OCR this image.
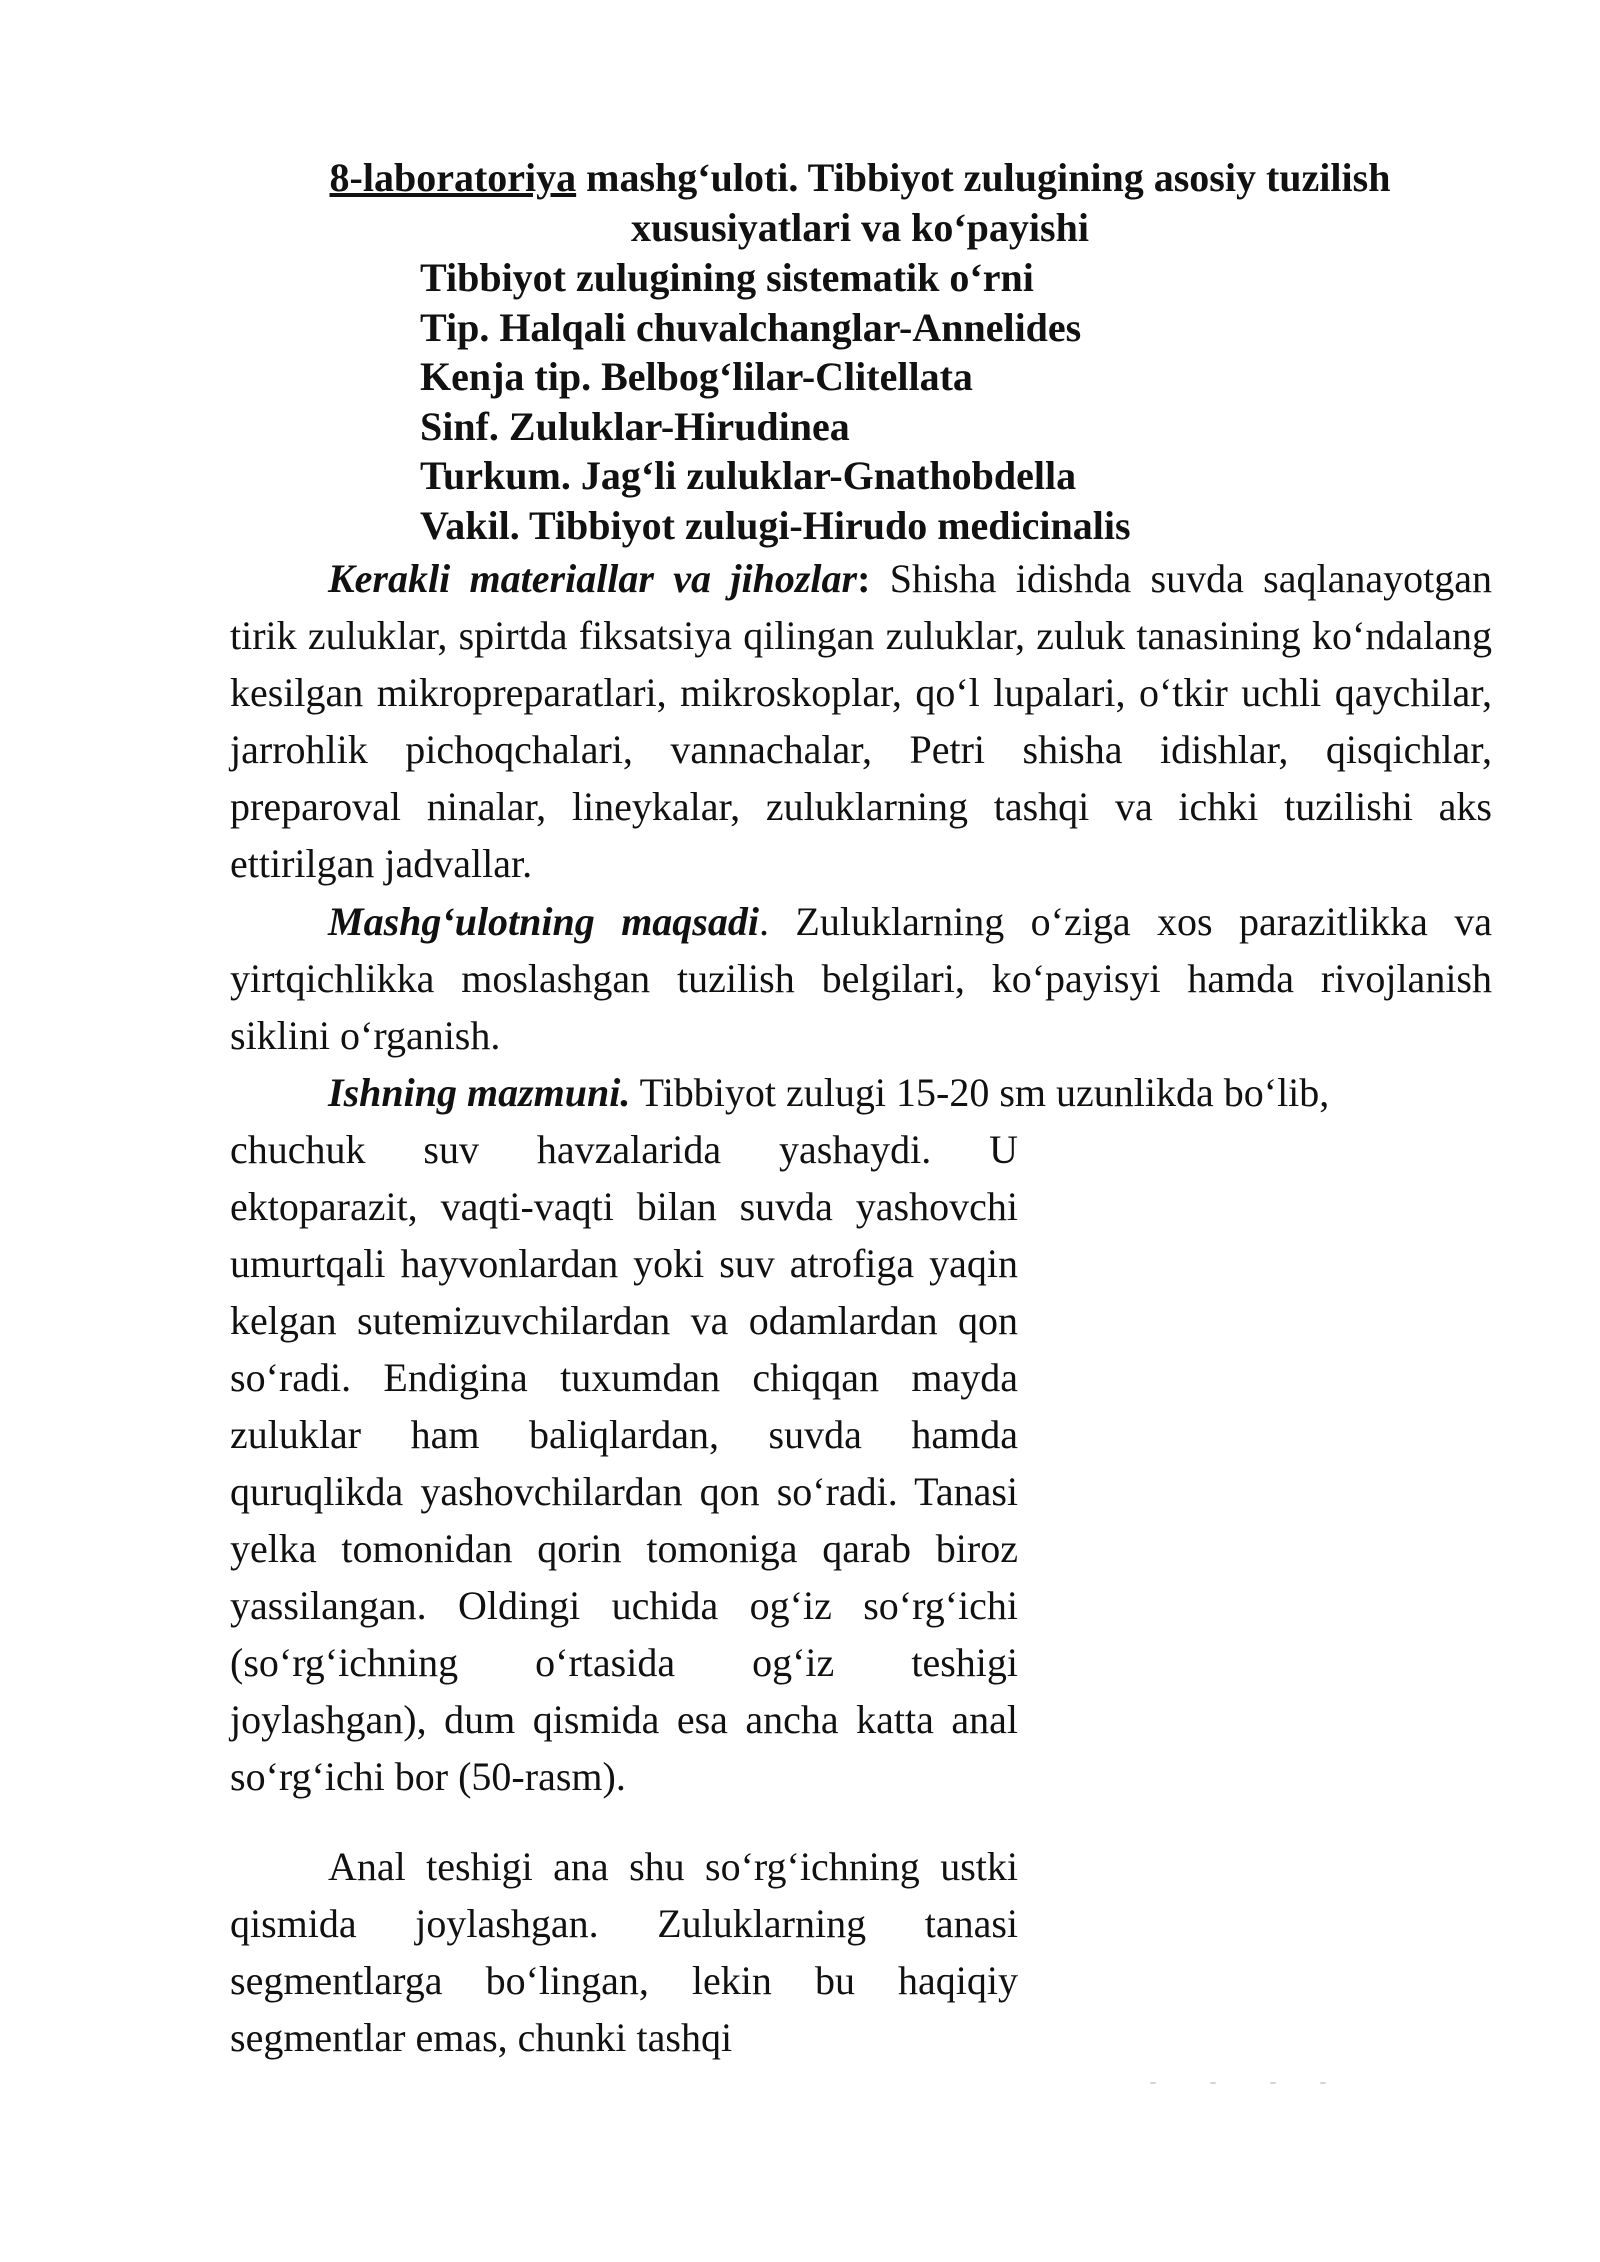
8-laboratoriya mashg‘uloti. Tibbiyot zulugining asosiy tuzilish xususiyatlari va ko‘payishi

Tibbiyot zulugining sistematik o‘rni
Tip. Halqali chuvalchanglar-Annelides
Kenja tip. Belbog‘lilar-Clitellata
Sinf. Zuluklar-Hirudinea
Turkum. Jag‘li zuluklar-Gnathobdella
Vakil. Tibbiyot zulugi-Hirudo medicinalis

Kerakli materiallar va jihozlar: Shisha idishda suvda saqlanayotgan tirik zuluklar, spirtda fiksatsiya qilingan zuluklar, zuluk tanasining ko‘ndalang kesilgan mikropreparatlari, mikroskoplar, qo‘l lupalari, o‘tkir uchli qaychilar, jarrohlik pichoqchalari, vannachalar, Petri shisha idishlar, qisqichlar, preparoval ninalar, lineykalar, zuluklarning tashqi va ichki tuzilishi aks ettirilgan jadvallar.

Mashg‘ulotning maqsadi. Zuluklarning o‘ziga xos parazitlikka va yirtqichlikka moslashgan tuzilish belgilari, ko‘payisyi hamda rivojlanish siklini o‘rganish.

Ishning mazmuni. Tibbiyot zulugi 15-20 sm uzunlikda bo‘lib,

chuchuk suv havzalarida yashaydi. U ektoparazit, vaqti-vaqti bilan suvda yashovchi umurtqali hayvonlardan yoki suv atrofiga yaqin kelgan sutemizuvchilardan va odamlardan qon so‘radi. Endigina tuxumdan chiqqan mayda zuluklar ham baliqlardan, suvda hamda quruqlikda yashovchilardan qon so‘radi. Tanasi yelka tomonidan qorin tomoniga qarab biroz yassilangan. Oldingi uchida og‘iz so‘rg‘ichi (so‘rg‘ichning o‘rtasida og‘iz teshigi joylashgan), dum qismida esa ancha katta anal so‘rg‘ichi bor (50-rasm).

Anal teshigi ana shu so‘rg‘ichning ustki qismida joylashgan. Zuluklarning tanasi segmentlarga bo‘lingan, lekin bu haqiqiy segmentlar emas, chunki tashqi
